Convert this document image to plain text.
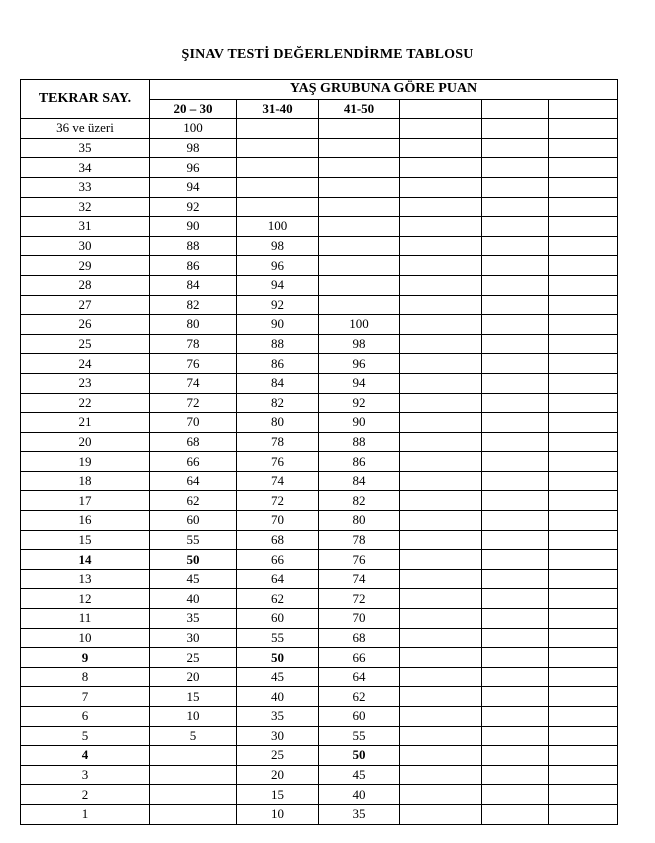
ŞINAV TESTİ DEĞERLENDİRME TABLOSU
TEKRAR SAY.	YAŞ GRUBUNA GÖRE PUAN					
	20 – 30	31-40	41-50			
36 ve üzeri	100					
35	98					
34	96					
33	94					
32	92					
31	90	100				
30	88	98				
29	86	96				
28	84	94				
27	82	92				
26	80	90	100			
25	78	88	98			
24	76	86	96			
23	74	84	94			
22	72	82	92			
21	70	80	90			
20	68	78	88			
19	66	76	86			
18	64	74	84			
17	62	72	82			
16	60	70	80			
15	55	68	78			
14	50	66	76			
13	45	64	74			
12	40	62	72			
11	35	60	70			
10	30	55	68			
9	25	50	66			
8	20	45	64			
7	15	40	62			
6	10	35	60			
5	5	30	55			
4		25	50			
3		20	45			
2		15	40			
1		10	35			
